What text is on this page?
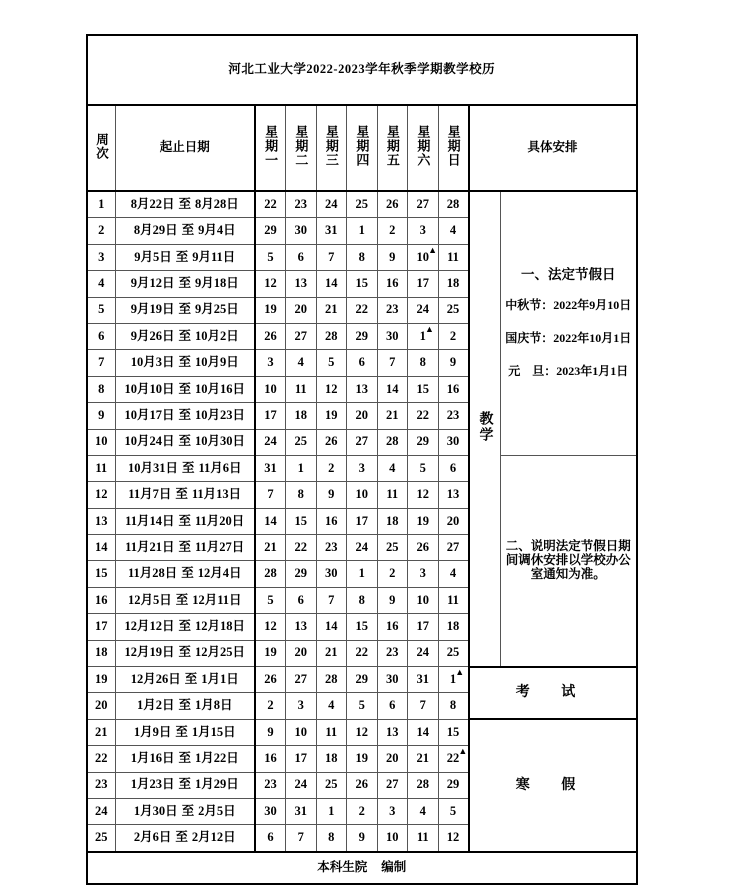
河北工业大学2022-2023学年秋季学期教学校历										
周次	起止日期	星期一	星期二	星期三	星期四	星期五	星期六	星期日	具体安排	
1	8月22日 至 8月28日	22	23	24	25	26	27	28	教学	一、法定节假日
中秋节：2022年9月10日
国庆节：2022年10月1日
元　旦：2023年1月1日

2	8月29日 至 9月4日	29	30	31	1	2	3	4		
3	9月5日 至 9月11日	5	6	7	8	9	10 ▲	11		
4	9月12日 至 9月18日	12	13	14	15	16	17	18		
5	9月19日 至 9月25日	19	20	21	22	23	24	25		
6	9月26日 至 10月2日	26	27	28	29	30	1 ▲	2		
7	10月3日 至 10月9日	3	4	5	6	7	8	9		
8	10月10日 至 10月16日	10	11	12	13	14	15	16		
9	10月17日 至 10月23日	17	18	19	20	21	22	23		
10	10月24日 至 10月30日	24	25	26	27	28	29	30		
11	10月31日 至 11月6日	31	1	2	3	4	5	6		二、说明法定节假日期间调休安排以学校办公室通知为准。
12	11月7日 至 11月13日	7	8	9	10	11	12	13		
13	11月14日 至 11月20日	14	15	16	17	18	19	20		
14	11月21日 至 11月27日	21	22	23	24	25	26	27		
15	11月28日 至 12月4日	28	29	30	1	2	3	4		
16	12月5日 至 12月11日	5	6	7	8	9	10	11		
17	12月12日 至 12月18日	12	13	14	15	16	17	18		
18	12月19日 至 12月25日	19	20	21	22	23	24	25		
19	12月26日 至 1月1日	26	27	28	29	30	31	1 ▲	考 试	
20	1月2日 至 1月8日	2	3	4	5	6	7	8		
21	1月9日 至 1月15日	9	10	11	12	13	14	15	寒 假	
22	1月16日 至 1月22日	16	17	18	19	20	21	22 ▲		

23	1月23日 至 1月29日	23	24	25	26	27	28	29		
24	1月30日 至 2月5日	30	31	1	2	3	4	5		
25	2月6日 至 2月12日	6	7	8	9	10	11	12		
本科生院 编制										
